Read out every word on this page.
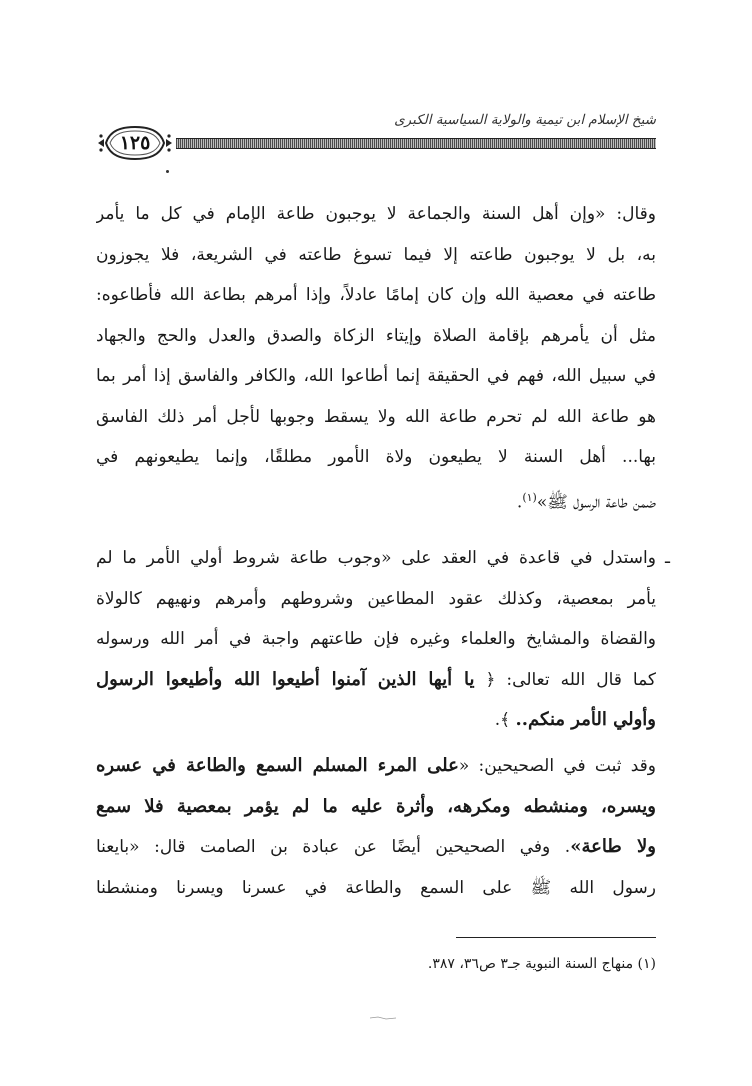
شيخ الإسلام ابن تيمية والولاية السياسية الكبرى
١٢٥
وقال: «وإن أهل السنة والجماعة لا يوجبون طاعة الإمام في كل ما يأمر
به، بل لا يوجبون طاعته إلا فيما تسوغ طاعته في الشريعة، فلا يجوزون
طاعته في معصية الله وإن كان إمامًا عادلاً، وإذا أمرهم بطاعة الله فأطاعوه:
مثل أن يأمرهم بإقامة الصلاة وإيتاء الزكاة والصدق والعدل والحج والجهاد
في سبيل الله، فهم في الحقيقة إنما أطاعوا الله، والكافر والفاسق إذا أمر بما
هو طاعة الله لم تحرم طاعة الله ولا يسقط وجوبها لأجل أمر ذلك الفاسق
بها... أهل السنة لا يطيعون ولاة الأمور مطلقًا، وإنما يطيعونهم في
ضمن طاعة الرسول ﷺ»$^{(١)}$.
ـ
واستدل في قاعدة في العقد على «وجوب طاعة شروط أولي الأمر ما لم
يأمر بمعصية، وكذلك عقود المطاعين وشروطهم وأمرهم ونهيهم كالولاة
والقضاة والمشايخ والعلماء وغيره فإن طاعتهم واجبة في أمر الله ورسوله
كما قال الله تعالى: ﴿ يا أيها الذين آمنوا أطيعوا الله وأطيعوا الرسول
وأولي الأمر منكم.. ﴾.
وقد ثبت في الصحيحين: «على المرء المسلم السمع والطاعة في عسره
ويسره، ومنشطه ومكرهه، وأثرة عليه ما لم يؤمر بمعصية فلا سمع
ولا طاعة». وفي الصحيحين أيضًا عن عبادة بن الصامت قال: «بايعنا
رسول الله ﷺ على السمع والطاعة في عسرنا ويسرنا ومنشطنا
(١) منهاج السنة النبوية جـ٣ ص٣٦، ٣٨٧.
